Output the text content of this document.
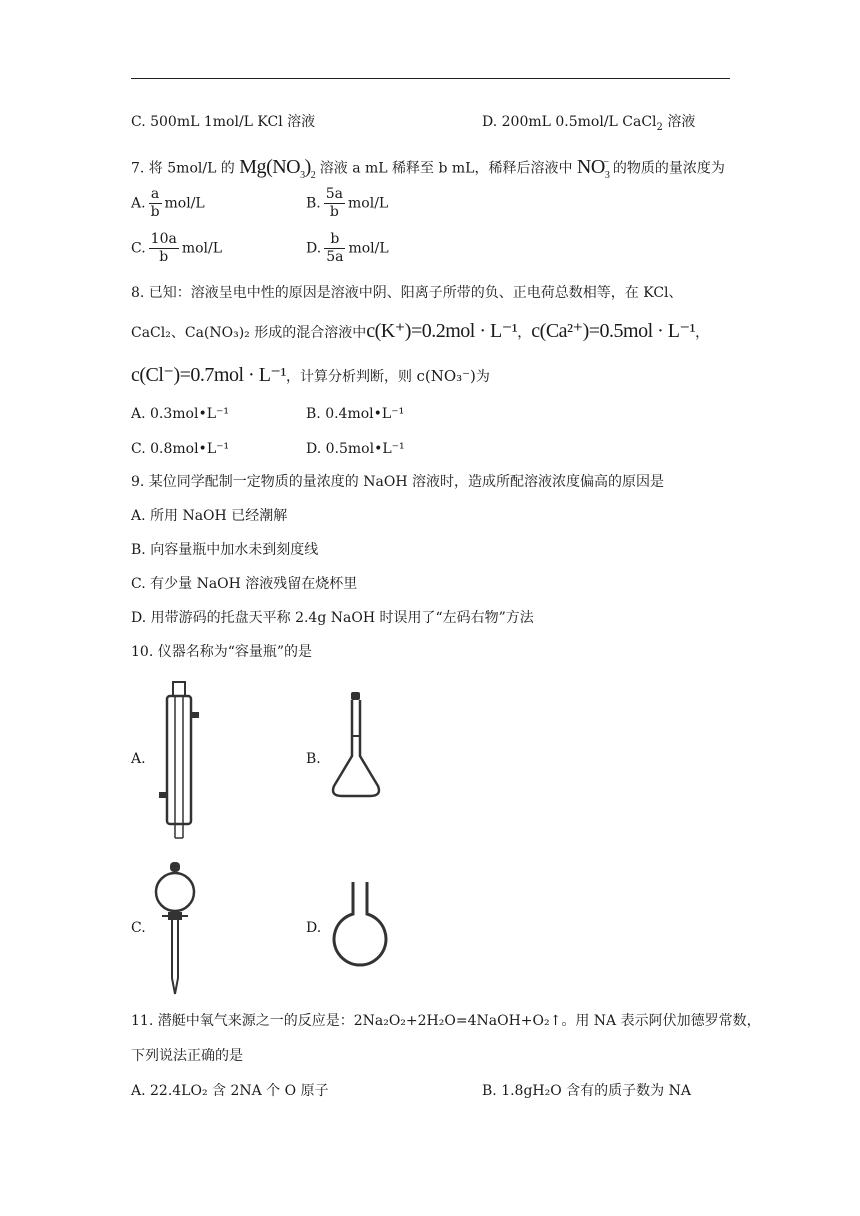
C. 500mL 1mol/L KCl 溶液	D. 200mL 0.5mol/L CaCl$_2$ 溶液
7. 将 5mol/L 的 $Mg(NO_3)_2$ 溶液 a mL 稀释至 b mL，稀释后溶液中 $NO_3^-$ 的物质的量浓度为
A. $\frac{a}{b} mol/L$	B. $\frac{5a}{b} mol/L$
C. $\frac{10a}{b} mol/L$	D. $\frac{b}{5a} mol/L$
8. 已知：溶液呈电中性的原因是溶液中阴、阳离子所带的负、正电荷总数相等，在 KCl、
CaCl₂、Ca(NO₃)₂ 形成的混合溶液中c(K⁺)=0.2mol · L⁻¹，c(Ca²⁺)=0.5mol · L⁻¹，
c(Cl⁻)=0.7mol · L⁻¹，计算分析判断，则 c(NO₃⁻)为
A. 0.3mol•L⁻¹	B. 0.4mol•L⁻¹
C. 0.8mol•L⁻¹	D. 0.5mol•L⁻¹
9. 某位同学配制一定物质的量浓度的 NaOH 溶液时，造成所配溶液浓度偏高的原因是
A. 所用 NaOH 已经潮解
B. 向容量瓶中加水未到刻度线
C. 有少量 NaOH 溶液残留在烧杯里
D. 用带游码的托盘天平称 2.4g NaOH 时误用了“左码右物”方法
10. 仪器名称为“容量瓶”的是
A.	B.
C.	D.
11. 潜艇中氧气来源之一的反应是：2Na₂O₂+2H₂O=4NaOH+O₂↑。用 NA 表示阿伏加德罗常数，
下列说法正确的是
A. 22.4LO₂ 含 2NA 个 O 原子	B. 1.8gH₂O 含有的质子数为 NA
